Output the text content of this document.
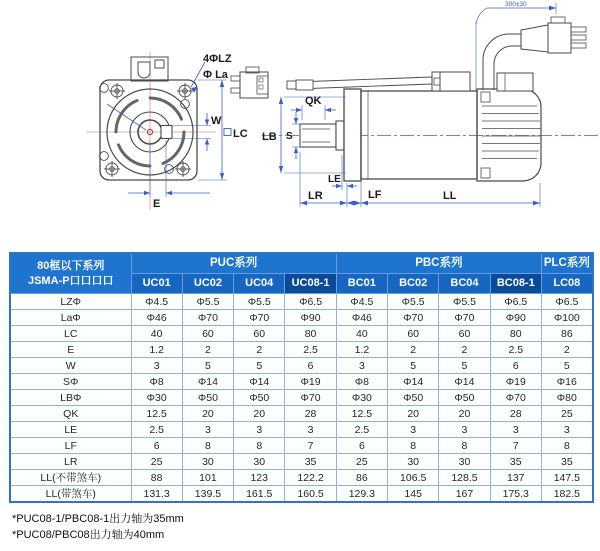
4ΦLZ
Φ La
W
LC
E
300±30
QK
S
LB
LE
LR	LF	LL
80框以下系列
JSMA-P口口口口	PUC系列				PBC系列				PLC系列
	UC01	UC02	UC04	UC08-1	BC01	BC02	BC04	BC08-1	LC08
LZΦ	Φ4.5	Φ5.5	Φ5.5	Φ6.5	Φ4.5	Φ5.5	Φ5.5	Φ6.5	Φ6.5
LaΦ	Φ46	Φ70	Φ70	Φ90	Φ46	Φ70	Φ70	Φ90	Φ100
LC	40	60	60	80	40	60	60	80	86
E	1.2	2	2	2.5	1.2	2	2	2.5	2
W	3	5	5	6	3	5	5	6	5
SΦ	Φ8	Φ14	Φ14	Φ19	Φ8	Φ14	Φ14	Φ19	Φ16
LBΦ	Φ30	Φ50	Φ50	Φ70	Φ30	Φ50	Φ50	Φ70	Φ80
QK	12.5	20	20	28	12.5	20	20	28	25
LE	2.5	3	3	3	2.5	3	3	3	3
LF	6	8	8	7	6	8	8	7	8
LR	25	30	30	35	25	30	30	35	35
LL(不带煞车)	88	101	123	122.2	86	106.5	128.5	137	147.5
LL(带煞车)	131.3	139.5	161.5	160.5	129.3	145	167	175.3	182.5
*PUC08-1/PBC08-1出力轴为35mm
*PUC08/PBC08出力轴为40mm
